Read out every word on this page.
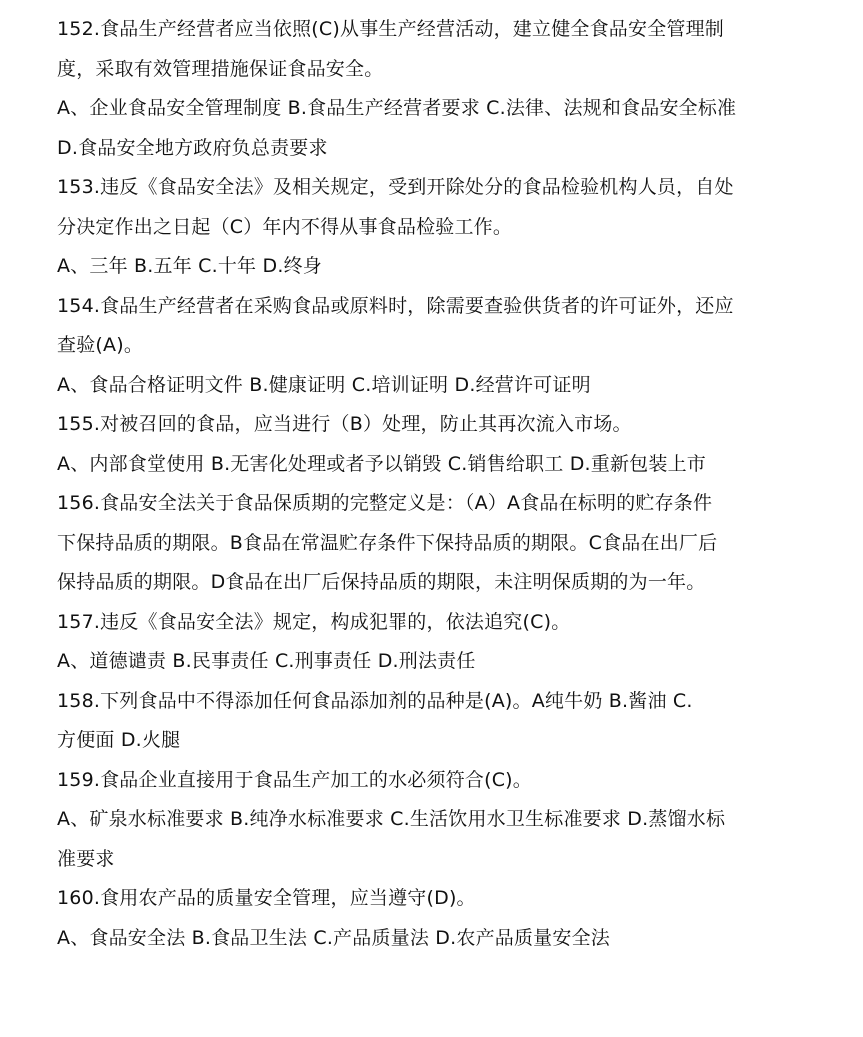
152.食品生产经营者应当依照(C)从事生产经营活动，建立健全食品安全管理制
度，采取有效管理措施保证食品安全。
A、企业食品安全管理制度 B.食品生产经营者要求 C.法律、法规和食品安全标准
D.食品安全地方政府负总责要求
153.违反《食品安全法》及相关规定，受到开除处分的食品检验机构人员，自处
分决定作出之日起（C）年内不得从事食品检验工作。
A、三年 B.五年 C.十年 D.终身
154.食品生产经营者在采购食品或原料时，除需要查验供货者的许可证外，还应
查验(A)。
A、食品合格证明文件 B.健康证明 C.培训证明 D.经营许可证明
155.对被召回的食品，应当进行（B）处理，防止其再次流入市场。
A、内部食堂使用 B.无害化处理或者予以销毁 C.销售给职工 D.重新包装上市
156.食品安全法关于食品保质期的完整定义是：（A）A食品在标明的贮存条件
下保持品质的期限。B食品在常温贮存条件下保持品质的期限。C食品在出厂后
保持品质的期限。D食品在出厂后保持品质的期限，未注明保质期的为一年。
157.违反《食品安全法》规定，构成犯罪的，依法追究(C)。
A、道德谴责 B.民事责任 C.刑事责任 D.刑法责任
158.下列食品中不得添加任何食品添加剂的品种是(A)。A纯牛奶 B.酱油 C.
方便面 D.火腿
159.食品企业直接用于食品生产加工的水必须符合(C)。
A、矿泉水标准要求 B.纯净水标准要求 C.生活饮用水卫生标准要求 D.蒸馏水标
准要求
160.食用农产品的质量安全管理，应当遵守(D)。
A、食品安全法 B.食品卫生法 C.产品质量法 D.农产品质量安全法
